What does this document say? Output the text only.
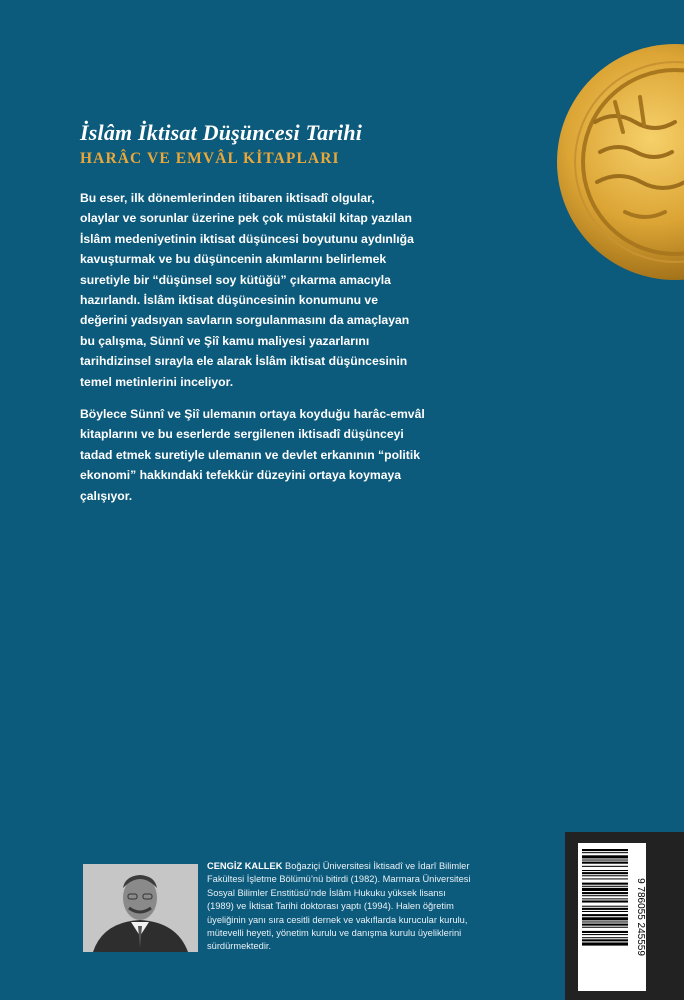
İslâm İktisat Düşüncesi Tarihi
HARÂC VE EMVÂL KİTAPLARI

Bu eser, ilk dönemlerinden itibaren iktisadî olgular,
olaylar ve sorunlar üzerine pek çok müstakil kitap yazılan
İslâm medeniyetinin iktisat düşüncesi boyutunu aydınlığa
kavuşturmak ve bu düşüncenin akımlarını belirlemek
suretiyle bir “düşünsel soy kütüğü” çıkarma amacıyla
hazırlandı. İslâm iktisat düşüncesinin konumunu ve
değerini yadsıyan savların sorgulanmasını da amaçlayan
bu çalışma, Sünnî ve Şiî kamu maliyesi yazarlarını
tarihdizinsel sırayla ele alarak İslâm iktisat düşüncesinin
temel metinlerini inceliyor.

Böylece Sünnî ve Şiî ulemanın ortaya koyduğu harâc-emvâl
kitaplarını ve bu eserlerde sergilenen iktisadî düşünceyi
tadad etmek suretiyle ulemanın ve devlet erkanının “politik
ekonomi” hakkındaki tefekkür düzeyini ortaya koymaya
çalışıyor.

CENGİZ KALLEK Boğaziçi Üniversitesi İktisadî ve İdarî Bilimler
Fakültesi İşletme Bölümü’nü bitirdi (1982). Marmara Üniversitesi
Sosyal Bilimler Enstitüsü’nde İslâm Hukuku yüksek lisansı
(1989) ve İktisat Tarihi doktorası yaptı (1994). Halen öğretim
üyeliğinin yanı sıra cesitli dernek ve vakıflarda kurucular kurulu,
mütevelli heyeti, yönetim kurulu ve danışma kurulu üyeliklerini
sürdürmektedir.	9 786055 245559
